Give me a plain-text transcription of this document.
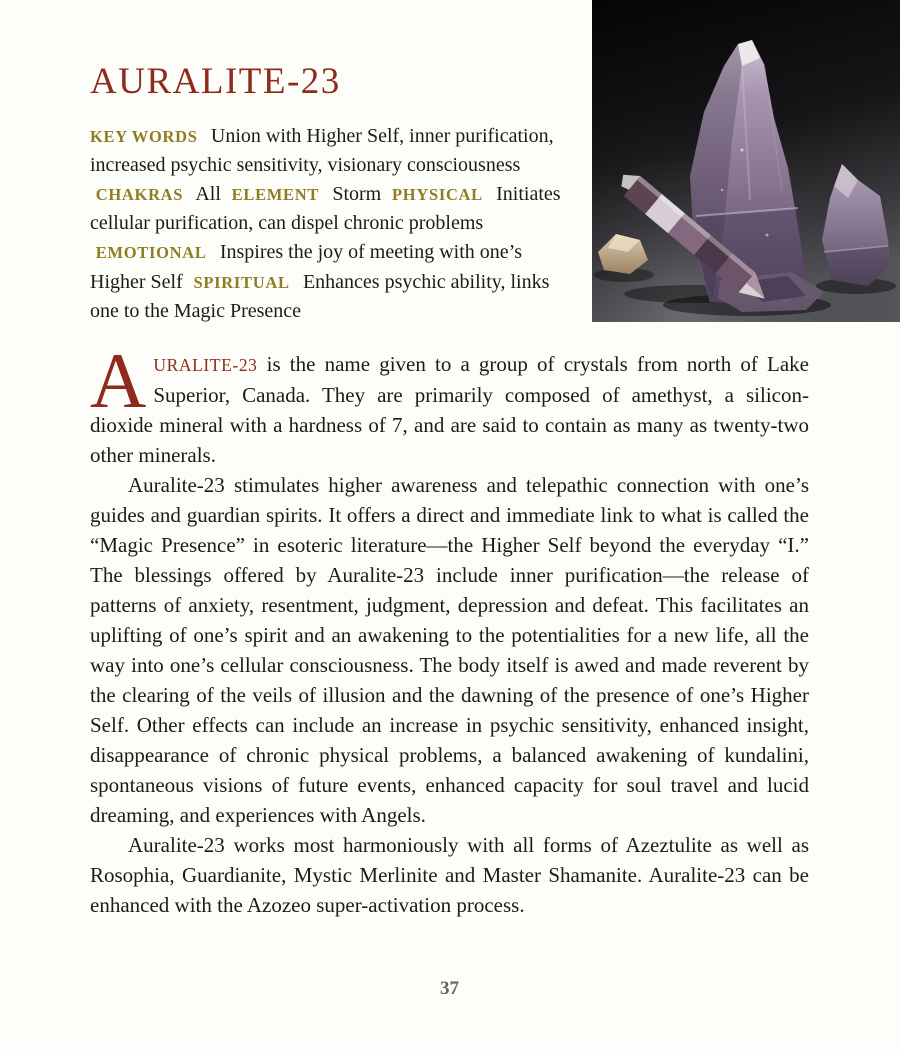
AURALITE-23

KEY WORDS Union with Higher Self, inner purification, increased psychic sensitivity, visionary consciousness CHAKRAS All ELEMENT Storm PHYSICAL Initiates cellular purification, can dispel chronic problems EMOTIONAL Inspires the joy of meeting with one’s Higher Self SPIRITUAL Enhances psychic ability, links one to the Magic Presence

AURALITE-23 is the name given to a group of crystals from north of Lake Superior, Canada. They are primarily composed of amethyst, a silicon-dioxide mineral with a hardness of 7, and are said to contain as many as twenty-two other minerals.

Auralite-23 stimulates higher awareness and telepathic connection with one’s guides and guardian spirits. It offers a direct and immediate link to what is called the “Magic Presence” in esoteric literature—the Higher Self beyond the everyday “I.” The blessings offered by Auralite-23 include inner purification—the release of patterns of anxiety, resentment, judgment, depression and defeat. This facilitates an uplifting of one’s spirit and an awakening to the potentialities for a new life, all the way into one’s cellular consciousness. The body itself is awed and made reverent by the clearing of the veils of illusion and the dawning of the presence of one’s Higher Self. Other effects can include an increase in psychic sensitivity, enhanced insight, disappearance of chronic physical problems, a balanced awakening of kundalini, spontaneous visions of future events, enhanced capacity for soul travel and lucid dreaming, and experiences with Angels.

Auralite-23 works most harmoniously with all forms of Azeztulite as well as Rosophia, Guardianite, Mystic Merlinite and Master Shamanite. Auralite-23 can be enhanced with the Azozeo super-activation process.

37
